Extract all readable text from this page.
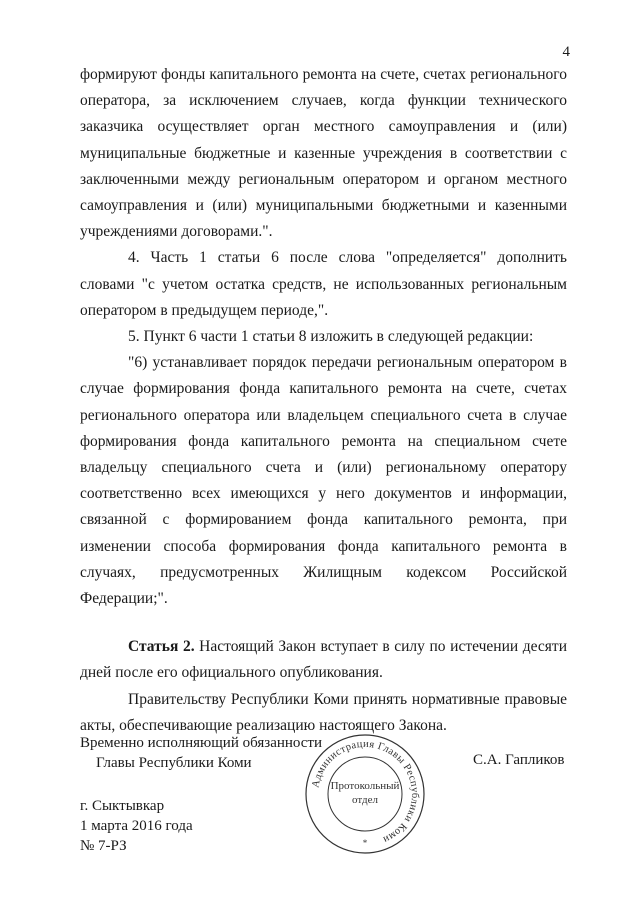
4

формируют фонды капитального ремонта на счете, счетах регионального оператора, за исключением случаев, когда функции технического заказчика осуществляет орган местного самоуправления и (или) муниципальные бюджетные и казенные учреждения в соответствии с заключенными между региональным оператором и органом местного самоуправления и (или) муниципальными бюджетными и казенными учреждениями договорами.".

4. Часть 1 статьи 6 после слова "определяется" дополнить словами "с учетом остатка средств, не использованных региональным оператором в предыдущем периоде,".

5. Пункт 6 части 1 статьи 8 изложить в следующей редакции:

"6) устанавливает порядок передачи региональным оператором в случае формирования фонда капитального ремонта на счете, счетах регионального оператора или владельцем специального счета в случае формирования фонда капитального ремонта на специальном счете владельцу специального счета и (или) региональному оператору соответственно всех имеющихся у него документов и информации, связанной с формированием фонда капитального ремонта, при изменении способа формирования фонда капитального ремонта в случаях, предусмотренных Жилищным кодексом Российской Федерации;".

Статья 2. Настоящий Закон вступает в силу по истечении десяти дней после его официального опубликования.

Правительству Республики Коми принять нормативные правовые акты, обеспечивающие реализацию настоящего Закона.

Временно исполняющий обязанности
Главы Республики Коми	С.А. Гапликов
г. Сыктывкар
1 марта 2016 года
№ 7-РЗ
Администрация Главы Республики Коми
Протокольный
отдел
*
